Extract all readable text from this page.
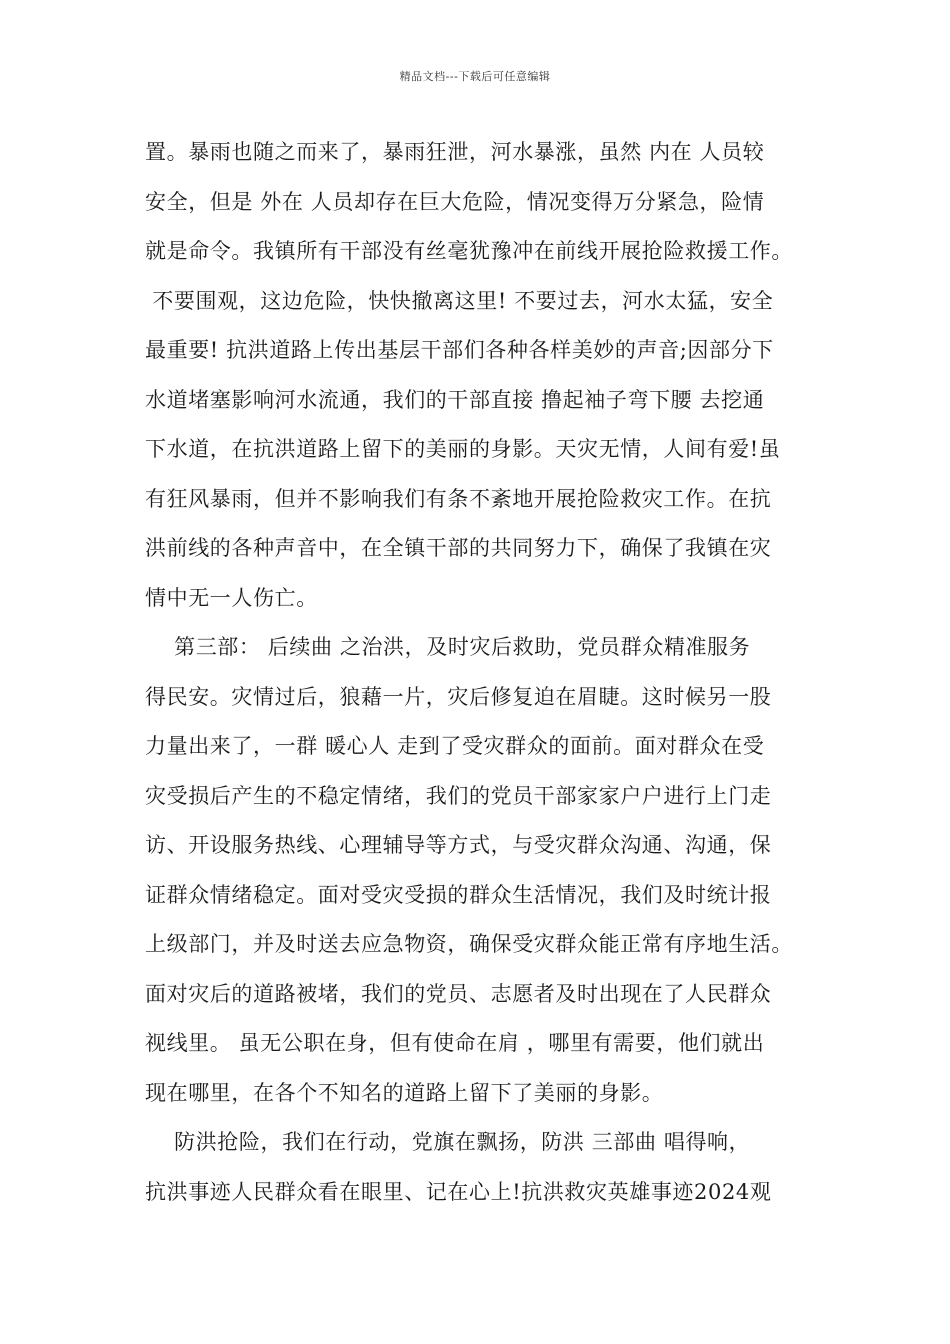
精品文档---下载后可任意编辑
置。暴雨也随之而来了，暴雨狂泄，河水暴涨，虽然 内在 人员较
安全，但是 外在 人员却存在巨大危险，情况变得万分紧急，险情
就是命令。我镇所有干部没有丝毫犹豫冲在前线开展抢险救援工作。
不要围观，这边危险，快快撤离这里! 不要过去，河水太猛，安全
最重要! 抗洪道路上传出基层干部们各种各样美妙的声音;因部分下
水道堵塞影响河水流通，我们的干部直接 撸起袖子弯下腰 去挖通
下水道，在抗洪道路上留下的美丽的身影。天灾无情，人间有爱!虽
有狂风暴雨，但并不影响我们有条不紊地开展抢险救灾工作。在抗
洪前线的各种声音中，在全镇干部的共同努力下，确保了我镇在灾
情中无一人伤亡。
第三部： 后续曲 之治洪，及时灾后救助，党员群众精准服务
得民安。灾情过后，狼藉一片，灾后修复迫在眉睫。这时候另一股
力量出来了，一群 暖心人 走到了受灾群众的面前。面对群众在受
灾受损后产生的不稳定情绪，我们的党员干部家家户户进行上门走
访、开设服务热线、心理辅导等方式，与受灾群众沟通、沟通，保
证群众情绪稳定。面对受灾受损的群众生活情况，我们及时统计报
上级部门，并及时送去应急物资，确保受灾群众能正常有序地生活。
面对灾后的道路被堵，我们的党员、志愿者及时出现在了人民群众
视线里。 虽无公职在身，但有使命在肩 ，哪里有需要，他们就出
现在哪里，在各个不知名的道路上留下了美丽的身影。
防洪抢险，我们在行动，党旗在飘扬，防洪 三部曲 唱得响，
抗洪事迹人民群众看在眼里、记在心上!抗洪救灾英雄事迹2024观
